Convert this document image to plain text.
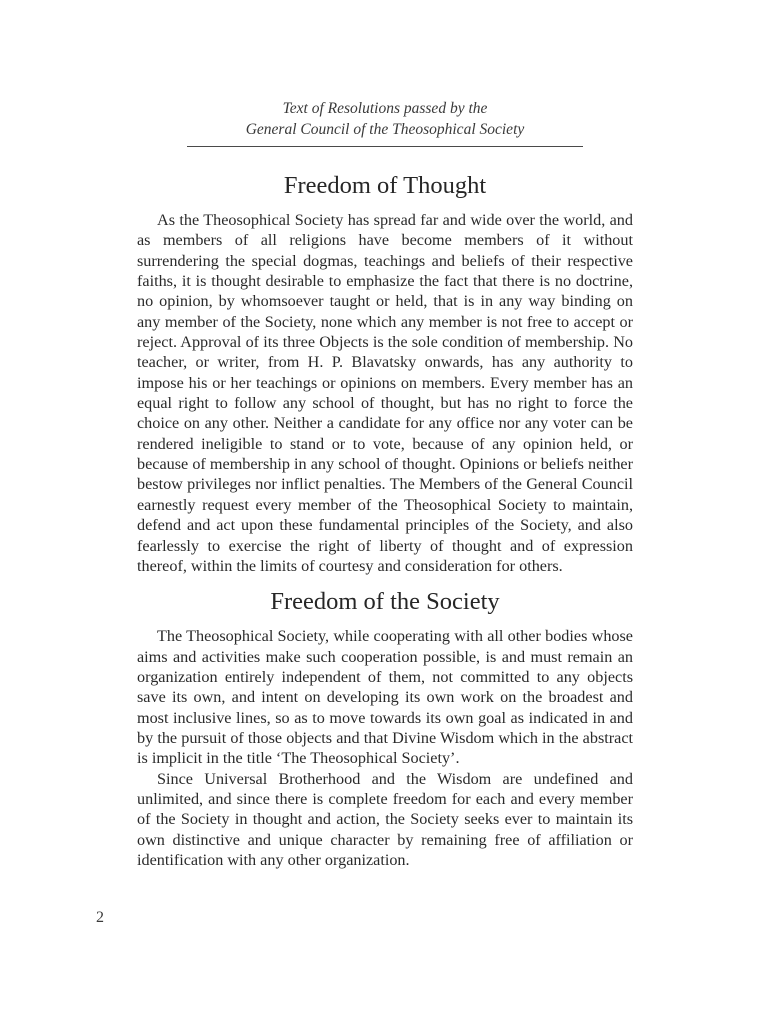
Text of Resolutions passed by the
General Council of the Theosophical Society
Freedom of Thought

As the Theosophical Society has spread far and wide over the world, and as members of all religions have become members of it without surrendering the special dogmas, teachings and beliefs of their respective faiths, it is thought desirable to emphasize the fact that there is no doctrine, no opinion, by whomsoever taught or held, that is in any way binding on any member of the Society, none which any member is not free to accept or reject. Approval of its three Objects is the sole condition of membership. No teacher, or writer, from H. P. Blavatsky onwards, has any authority to impose his or her teachings or opinions on members. Every member has an equal right to follow any school of thought, but has no right to force the choice on any other. Neither a candidate for any office nor any voter can be rendered ineligible to stand or to vote, because of any opinion held, or because of membership in any school of thought. Opinions or beliefs neither bestow privileges nor inflict penalties. The Members of the General Council earnestly request every member of the Theosophical Society to maintain, defend and act upon these fundamental principles of the Society, and also fearlessly to exercise the right of liberty of thought and of expression thereof, within the limits of courtesy and consideration for others.

Freedom of the Society

The Theosophical Society, while cooperating with all other bodies whose aims and activities make such cooperation possible, is and must remain an organization entirely independent of them, not committed to any objects save its own, and intent on developing its own work on the broadest and most inclusive lines, so as to move towards its own goal as indicated in and by the pursuit of those objects and that Divine Wisdom which in the abstract is implicit in the title ‘The Theosophical Society’.

Since Universal Brotherhood and the Wisdom are undefined and unlimited, and since there is complete freedom for each and every member of the Society in thought and action, the Society seeks ever to maintain its own distinctive and unique character by remaining free of affiliation or identification with any other organization.

2
